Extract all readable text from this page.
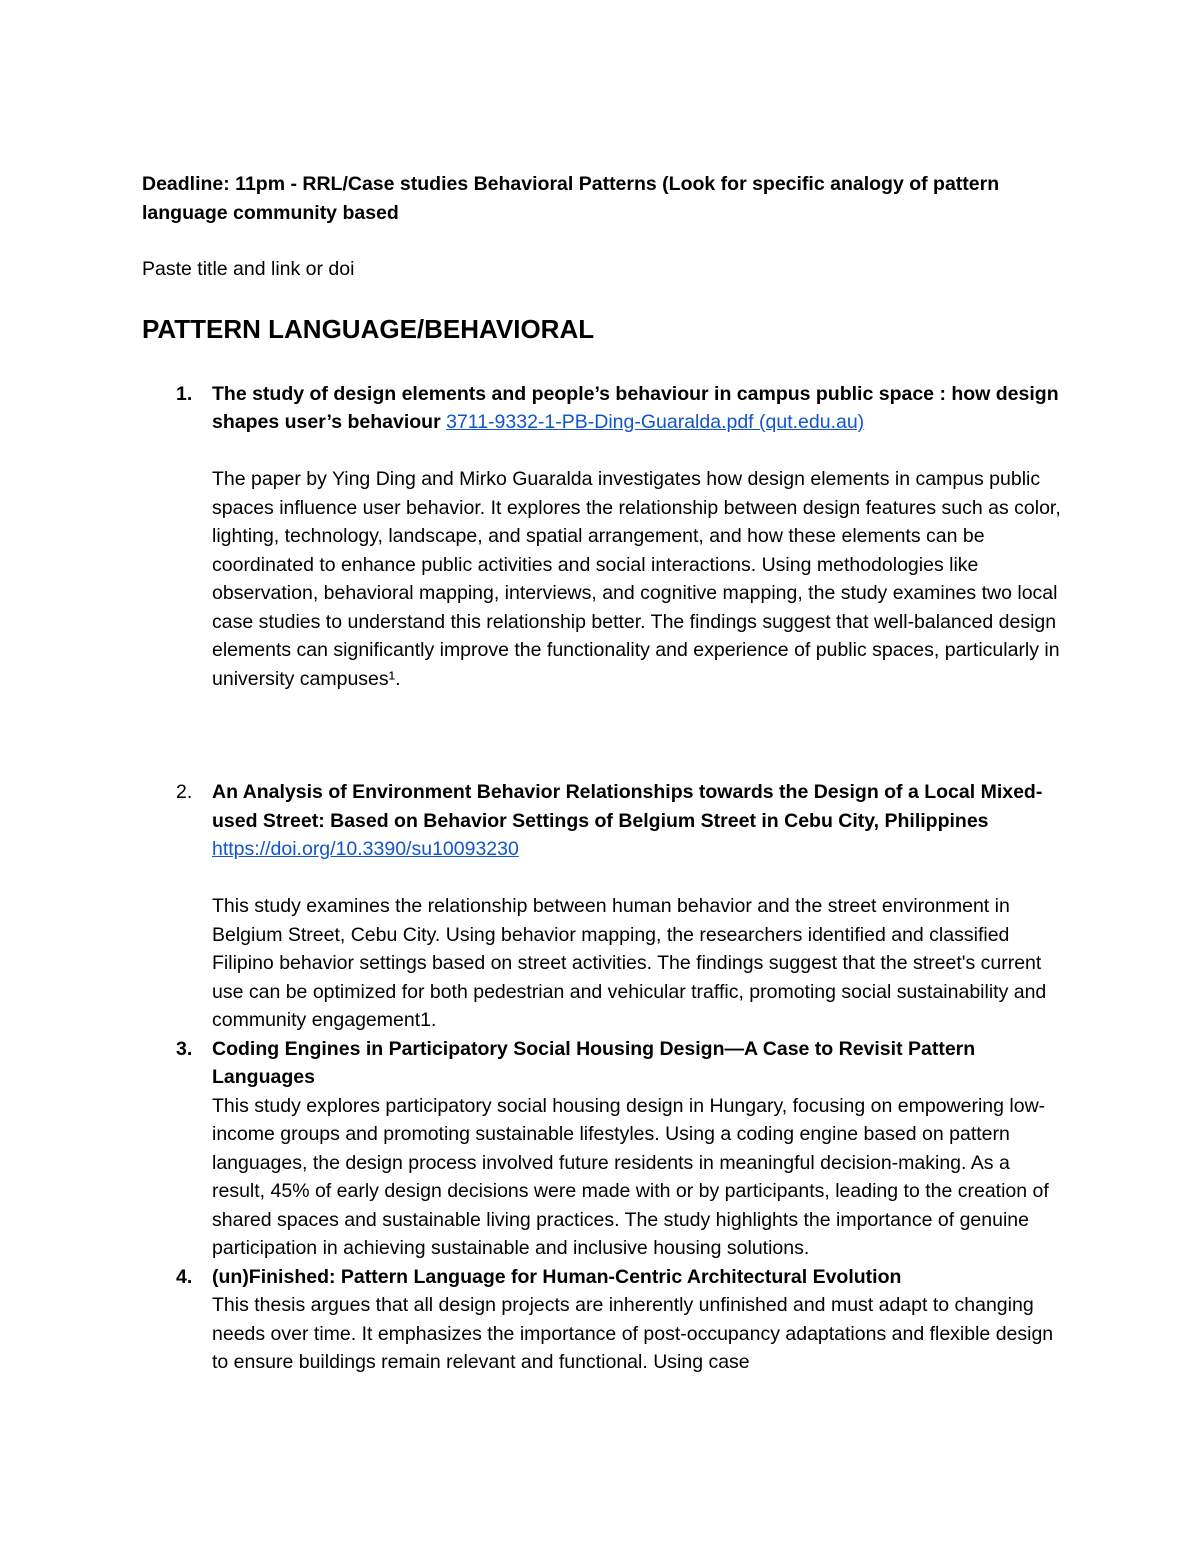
Deadline: 11pm - RRL/Case studies Behavioral Patterns (Look for specific analogy of pattern language community based

Paste title and link or doi

PATTERN LANGUAGE/BEHAVIORAL
1. The study of design elements and people’s behaviour in campus public space : how design shapes user’s behaviour 3711-9332-1-PB-Ding-Guaralda.pdf (qut.edu.au)

The paper by Ying Ding and Mirko Guaralda investigates how design elements in campus public spaces influence user behavior. It explores the relationship between design features such as color, lighting, technology, landscape, and spatial arrangement, and how these elements can be coordinated to enhance public activities and social interactions. Using methodologies like observation, behavioral mapping, interviews, and cognitive mapping, the study examines two local case studies to understand this relationship better. The findings suggest that well-balanced design elements can significantly improve the functionality and experience of public spaces, particularly in university campuses¹.

2. An Analysis of Environment Behavior Relationships towards the Design of a Local Mixed-used Street: Based on Behavior Settings of Belgium Street in Cebu City, Philippines https://doi.org/10.3390/su10093230

This study examines the relationship between human behavior and the street environment in Belgium Street, Cebu City. Using behavior mapping, the researchers identified and classified Filipino behavior settings based on street activities. The findings suggest that the street's current use can be optimized for both pedestrian and vehicular traffic, promoting social sustainability and community engagement1.

3. Coding Engines in Participatory Social Housing Design—A Case to Revisit Pattern Languages

This study explores participatory social housing design in Hungary, focusing on empowering low-income groups and promoting sustainable lifestyles. Using a coding engine based on pattern languages, the design process involved future residents in meaningful decision-making. As a result, 45% of early design decisions were made with or by participants, leading to the creation of shared spaces and sustainable living practices. The study highlights the importance of genuine participation in achieving sustainable and inclusive housing solutions.

4. (un)Finished: Pattern Language for Human-Centric Architectural Evolution

This thesis argues that all design projects are inherently unfinished and must adapt to changing needs over time. It emphasizes the importance of post-occupancy adaptations and flexible design to ensure buildings remain relevant and functional. Using case
